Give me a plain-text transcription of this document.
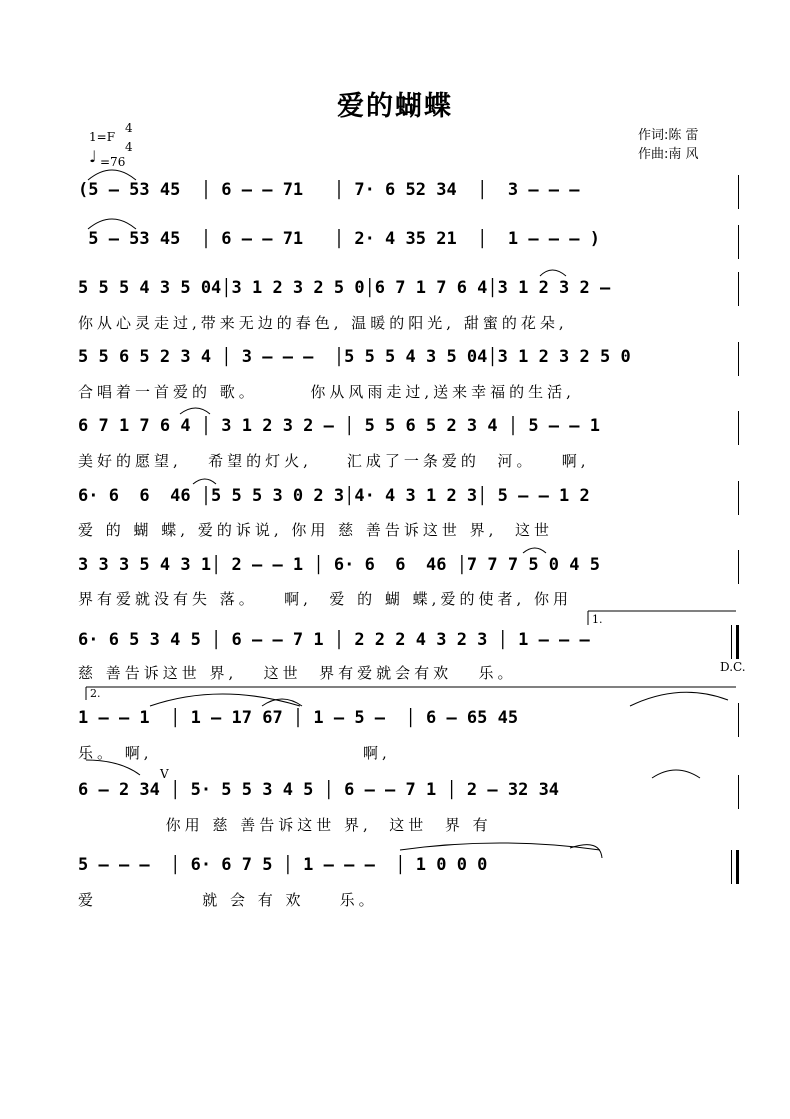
爱的蝴蝶
1=F
4
4
♩ =76
作词:陈 雷
作曲:南 风
(5 – 53 45  │ 6 – – 71   │ 7· 6 52 34  │  3 – – –
5 – 53 45  │ 6 – – 71   │ 2· 4 35 21  │  1 – – – )
5 5 5 4 3 5 04│3 1 2 3 2 5 0│6 7 1 7 6 4│3 1 2 3 2 –
你从心灵走过,带来无边的春色, 温暖的阳光, 甜蜜的花朵,
5 5 6 5 2 3 4 │ 3 – – –  │5 5 5 4 3 5 04│3 1 2 3 2 5 0
合唱着一首爱的 歌。      你从风雨走过,送来幸福的生活,
6 7 1 7 6 4 │ 3 1 2 3 2 – │ 5 5 6 5 2 3 4 │ 5 – – 1
美好的愿望,   希望的灯火,    汇成了一条爱的  河。   啊,
6· 6  6  46 │5 5 5 3 0 2 3│4· 4 3 1 2 3│ 5 – – 1 2
爱 的 蝴 蝶, 爱的诉说, 你用 慈 善告诉这世 界,  这世
3 3 3 5 4 3 1│ 2 – – 1 │ 6· 6  6  46 │7 7 7 5 0 4 5
界有爱就没有失 落。   啊,  爱 的 蝴 蝶,爱的使者, 你用
6· 6 5 3 4 5 │ 6 – – 7 1 │ 2 2 2 4 3 2 3 │ 1 – – –
慈 善告诉这世 界,   这世  界有爱就会有欢   乐。
1 – – 1  │ 1 – 17 67 │ 1 – 5 –  │ 6 – 65 45
乐。 啊,                        啊,
6 – 2 34 │ 5· 5 5 3 4 5 │ 6 – – 7 1 │ 2 – 32 34
你用 慈 善告诉这世 界,  这世  界 有
5 – – –  │ 6· 6 7 5 │ 1 – – –  │ 1 0 0 0
爱            就 会 有 欢    乐。
1.
2.
D.C.
V
